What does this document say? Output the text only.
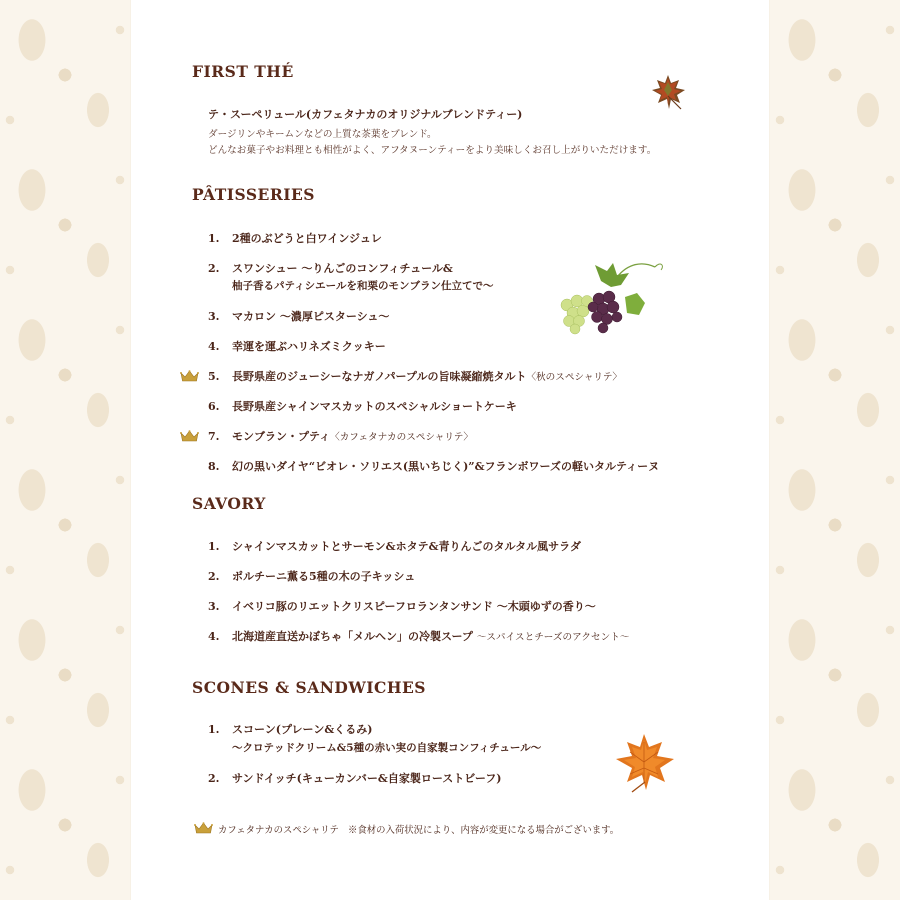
FIRST THÉ
テ・スーペリュール(カフェタナカのオリジナルブレンドティー)
ダージリンやキームンなどの上質な茶葉をブレンド。
どんなお菓子やお料理とも相性がよく、アフタヌーンティーをより美味しくお召し上がりいただけます。
PÂTISSERIES
1. 2種のぶどうと白ワインジュレ
2. スワンシュー ～りんごのコンフィチュール&
柚子香るパティシエールを和栗のモンブラン仕立てで～
3. マカロン ～濃厚ピスターシュ～
4. 幸運を運ぶハリネズミクッキー
5. 長野県産のジューシーなナガノパープルの旨味凝縮焼タルト〈秋のスペシャリテ〉
6. 長野県産シャインマスカットのスペシャルショートケーキ
7. モンブラン・プティ〈カフェタナカのスペシャリテ〉
8. 幻の黒いダイヤ“ビオレ・ソリエス(黒いちじく)”&フランボワーズの軽いタルティーヌ
SAVORY
1. シャインマスカットとサーモン&ホタテ&青りんごのタルタル風サラダ
2. ポルチーニ薫る5種の木の子キッシュ
3. イベリコ豚のリエットクリスピーフロランタンサンド ～木頭ゆずの香り～
4. 北海道産直送かぼちゃ「メルヘン」の冷製スープ ～スパイスとチーズのアクセント～
SCONES & SANDWICHES
1. スコーン(プレーン&くるみ)
～クロテッドクリーム&5種の赤い実の自家製コンフィチュール～
2. サンドイッチ(キューカンバー&自家製ローストビーフ)
カフェタナカのスペシャリテ ※食材の入荷状況により、内容が変更になる場合がございます。
